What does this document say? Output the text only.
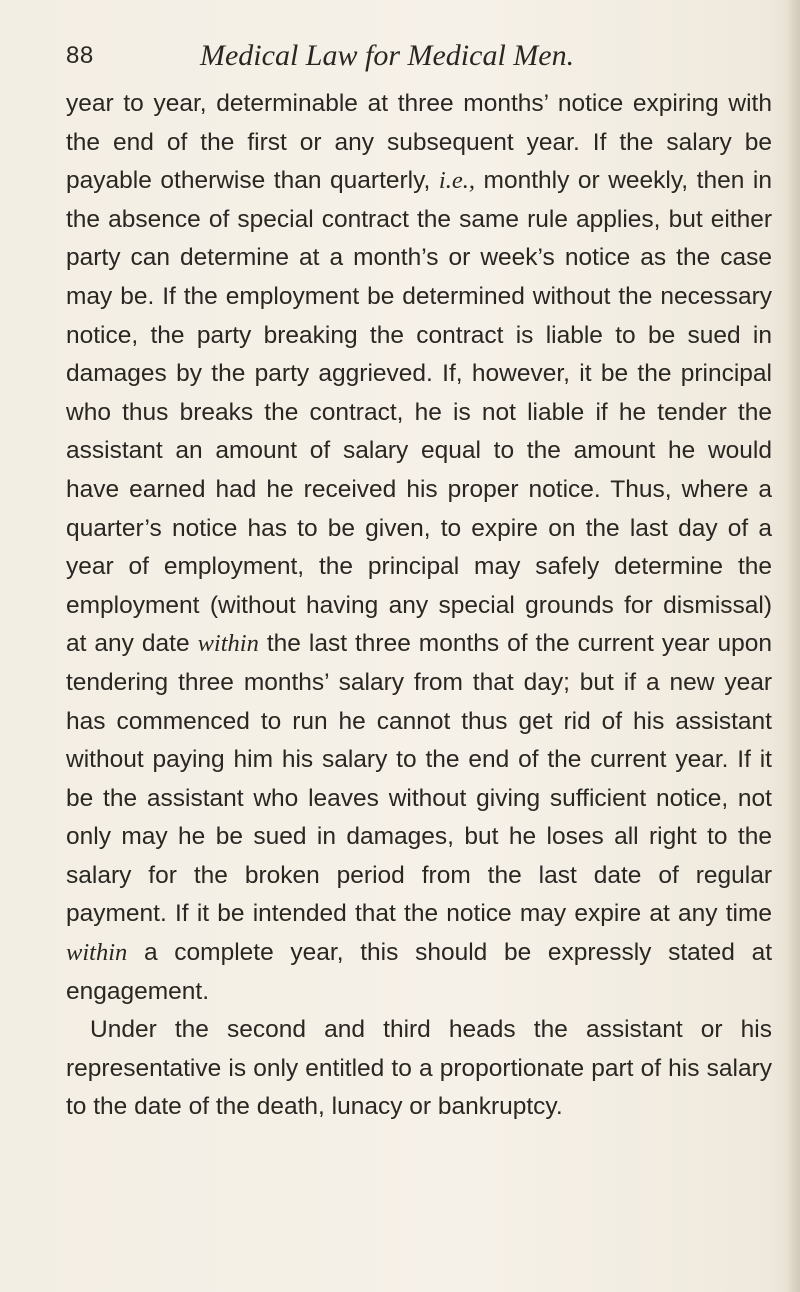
88	Medical Law for Medical Men.

year to year, determinable at three months’ notice expiring with the end of the first or any subsequent year. If the salary be payable otherwise than quarterly, i.e., monthly or weekly, then in the absence of special contract the same rule applies, but either party can determine at a month’s or week’s notice as the case may be. If the employment be determined without the necessary notice, the party breaking the contract is liable to be sued in damages by the party aggrieved. If, however, it be the principal who thus breaks the contract, he is not liable if he tender the assistant an amount of salary equal to the amount he would have earned had he received his proper notice. Thus, where a quarter’s notice has to be given, to expire on the last day of a year of employment, the principal may safely determine the employment (without having any special grounds for dismissal) at any date within the last three months of the current year upon tendering three months’ salary from that day; but if a new year has commenced to run he cannot thus get rid of his assistant without paying him his salary to the end of the current year. If it be the assistant who leaves without giving sufficient notice, not only may he be sued in damages, but he loses all right to the salary for the broken period from the last date of regular payment. If it be intended that the notice may expire at any time within a complete year, this should be expressly stated at engagement.

Under the second and third heads the assistant or his representative is only entitled to a proportionate part of his salary to the date of the death, lunacy or bankruptcy.
